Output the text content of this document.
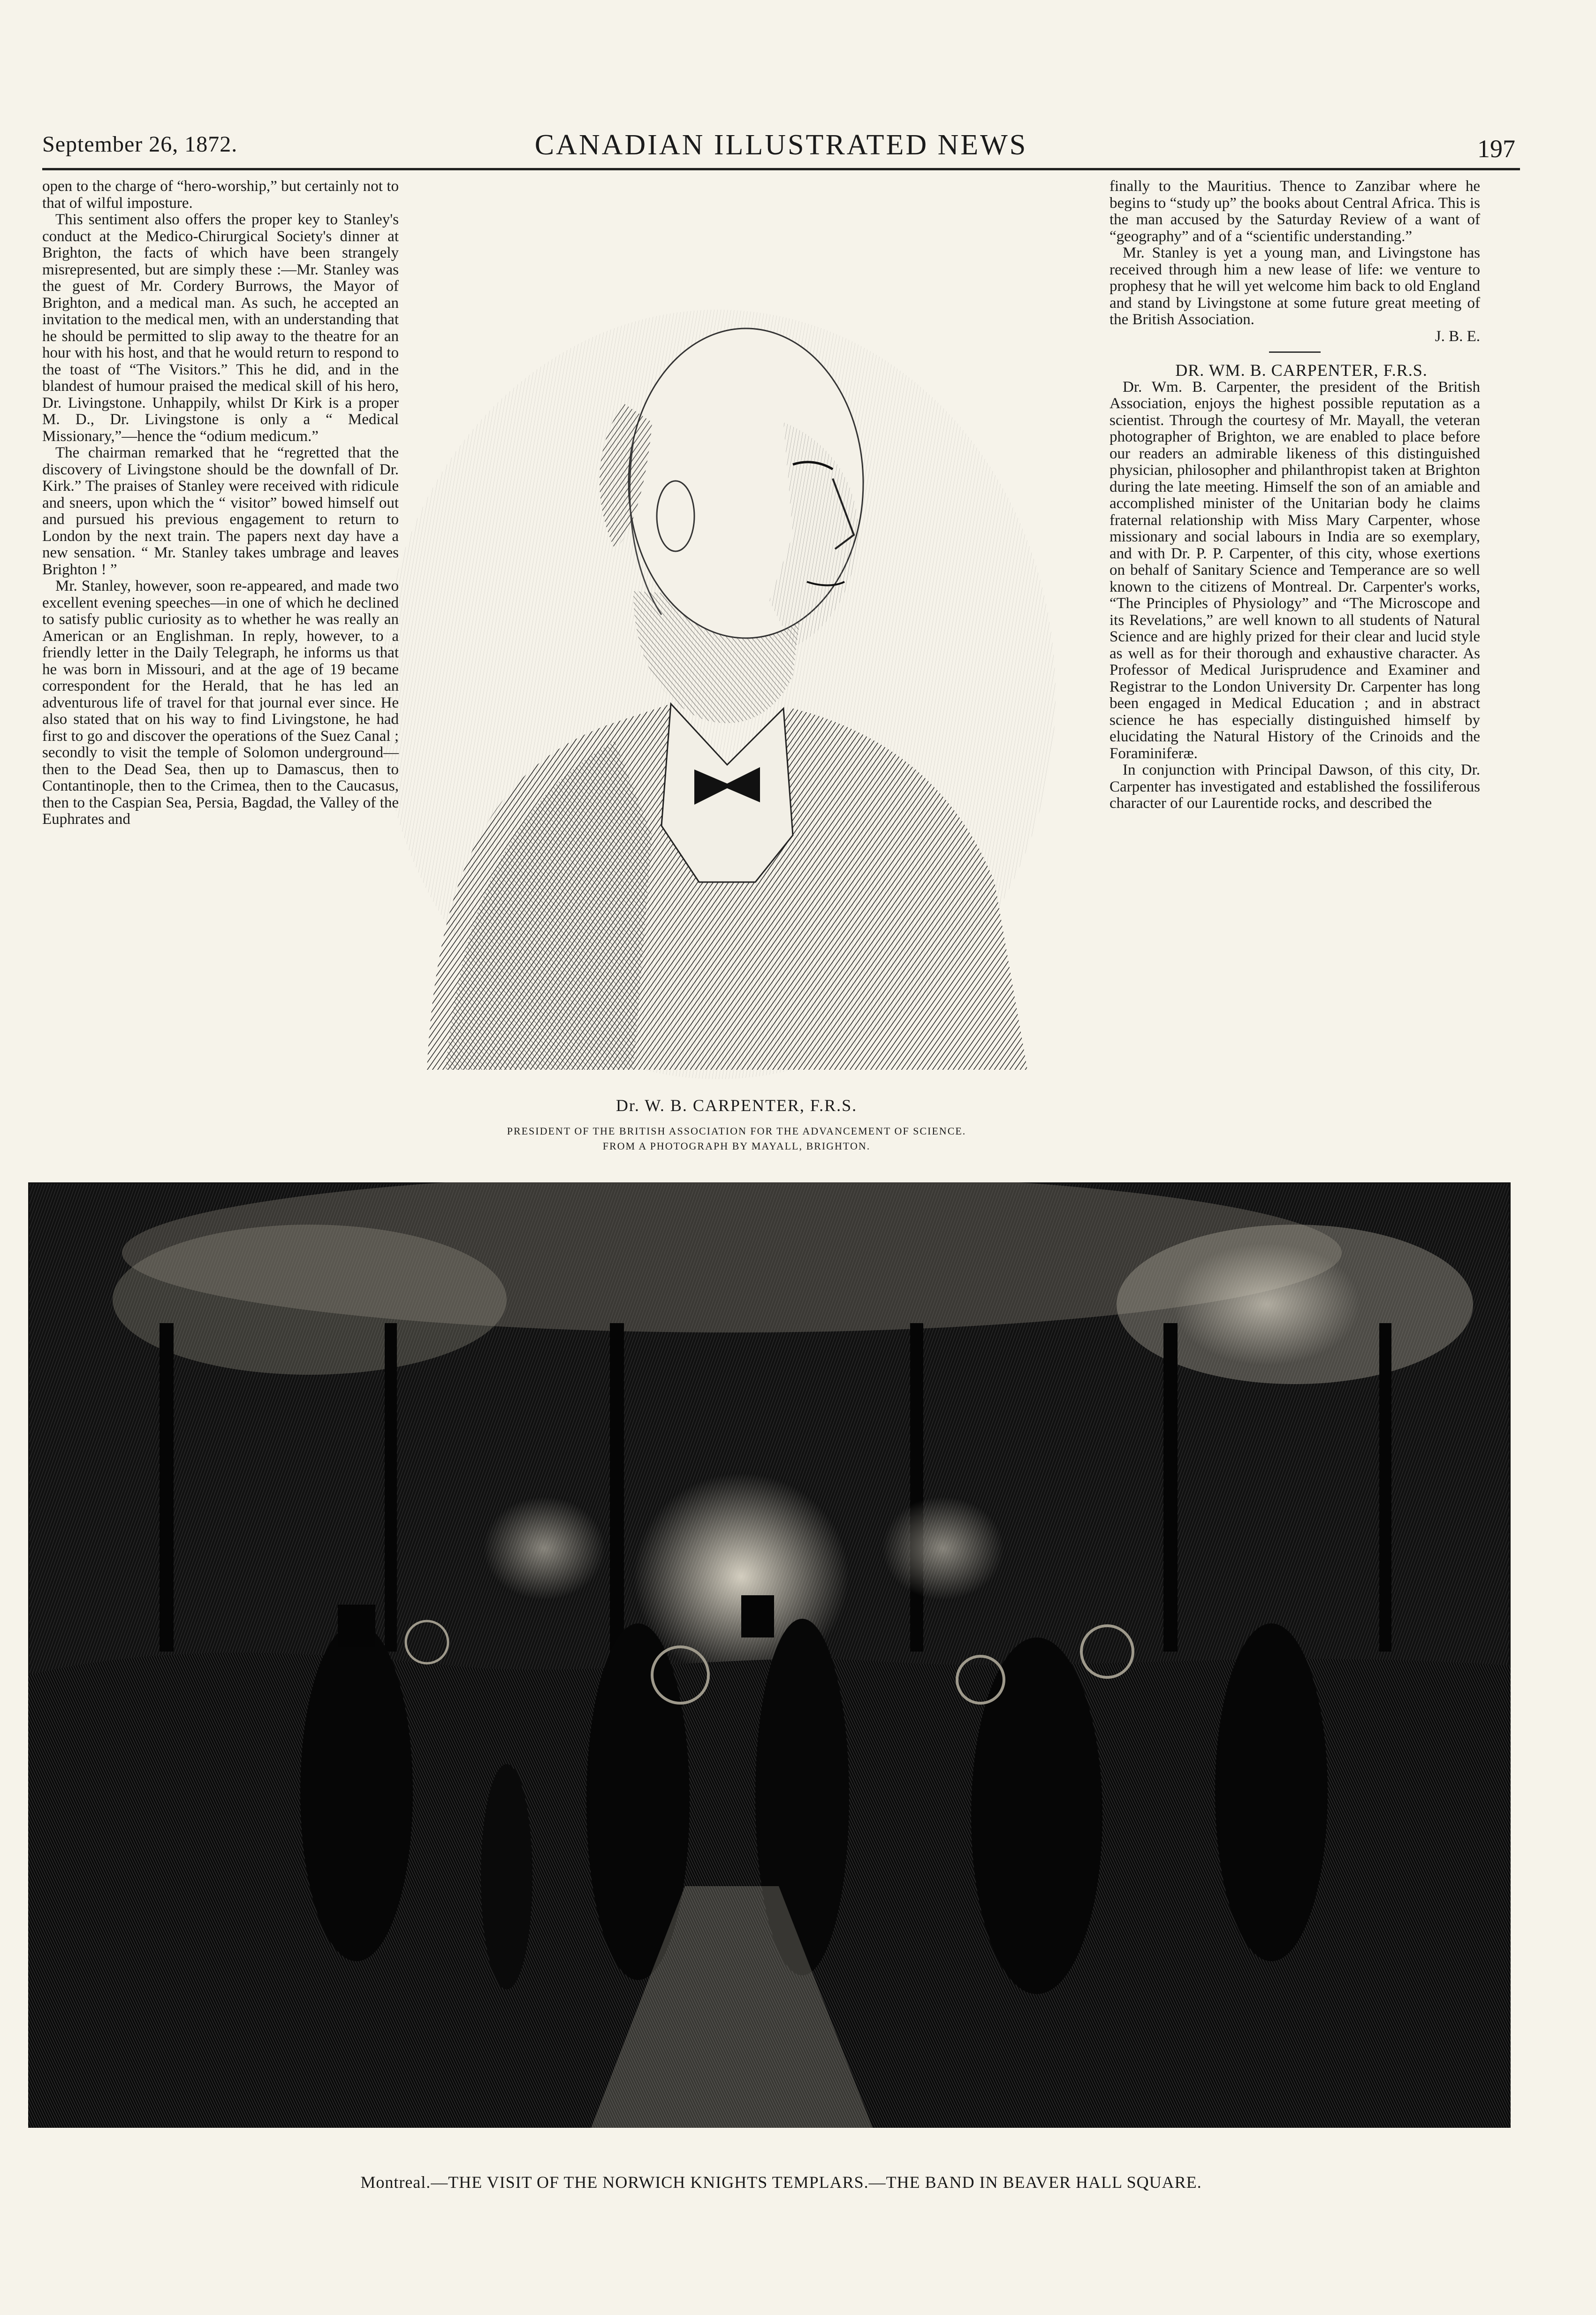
September 26, 1872.	CANADIAN ILLUSTRATED NEWS	197

open to the charge of “hero-worship,” but certainly not to that of wilful imposture.

This sentiment also offers the proper key to Stanley's conduct at the Medico-Chirurgical Society's dinner at Brighton, the facts of which have been strangely misrepresented, but are simply these :—Mr. Stanley was the guest of Mr. Cordery Burrows, the Mayor of Brighton, and a medical man. As such, he accepted an invitation to the medical men, with an understanding that he should be permitted to slip away to the theatre for an hour with his host, and that he would return to respond to the toast of “The Visitors.” This he did, and in the blandest of humour praised the medical skill of his hero, Dr. Livingstone. Unhappily, whilst Dr Kirk is a proper M. D., Dr. Livingstone is only a “ Medical Missionary,”—hence the “odium medicum.”

The chairman remarked that he “regretted that the discovery of Livingstone should be the downfall of Dr. Kirk.” The praises of Stanley were received with ridicule and sneers, upon which the “ visitor” bowed himself out and pursued his previous engagement to return to London by the next train. The papers next day have a new sensation. “ Mr. Stanley takes umbrage and leaves Brighton ! ”

Mr. Stanley, however, soon re-appeared, and made two excellent evening speeches—in one of which he declined to satisfy public curiosity as to whether he was really an American or an Englishman. In reply, however, to a friendly letter in the Daily Telegraph, he informs us that he was born in Missouri, and at the age of 19 became correspondent for the Herald, that he has led an adventurous life of travel for that journal ever since. He also stated that on his way to find Livingstone, he had first to go and discover the operations of the Suez Canal ; secondly to visit the temple of Solomon underground—then to the Dead Sea, then up to Damascus, then to Contantinople, then to the Crimea, then to the Caucasus, then to the Caspian Sea, Persia, Bagdad, the Valley of the Euphrates and

Dr. W. B. CARPENTER, F.R.S.
PRESIDENT OF THE BRITISH ASSOCIATION FOR THE ADVANCEMENT OF SCIENCE.
FROM A PHOTOGRAPH BY MAYALL, BRIGHTON.

finally to the Mauritius. Thence to Zanzibar where he begins to “study up” the books about Central Africa. This is the man accused by the Saturday Review of a want of “geography” and of a “scientific understanding.”

Mr. Stanley is yet a young man, and Livingstone has received through him a new lease of life: we venture to prophesy that he will yet welcome him back to old England and stand by Livingstone at some future great meeting of the British Association.

J. B. E.

DR. WM. B. CARPENTER, F.R.S.

Dr. Wm. B. Carpenter, the president of the British Association, enjoys the highest possible reputation as a scientist. Through the courtesy of Mr. Mayall, the veteran photographer of Brighton, we are enabled to place before our readers an admirable likeness of this distinguished physician, philosopher and philanthropist taken at Brighton during the late meeting. Himself the son of an amiable and accomplished minister of the Unitarian body he claims fraternal relationship with Miss Mary Carpenter, whose missionary and social labours in India are so exemplary, and with Dr. P. P. Carpenter, of this city, whose exertions on behalf of Sanitary Science and Temperance are so well known to the citizens of Montreal. Dr. Carpenter's works, “The Principles of Physiology” and “The Microscope and its Revelations,” are well known to all students of Natural Science and are highly prized for their clear and lucid style as well as for their thorough and exhaustive character. As Professor of Medical Jurisprudence and Examiner and Registrar to the London University Dr. Carpenter has long been engaged in Medical Education ; and in abstract science he has especially distinguished himself by elucidating the Natural History of the Crinoids and the Foraminiferæ.

In conjunction with Principal Dawson, of this city, Dr. Carpenter has investigated and established the fossiliferous character of our Laurentide rocks, and described the

Montreal.—THE VISIT OF THE NORWICH KNIGHTS TEMPLARS.—THE BAND IN BEAVER HALL SQUARE.
